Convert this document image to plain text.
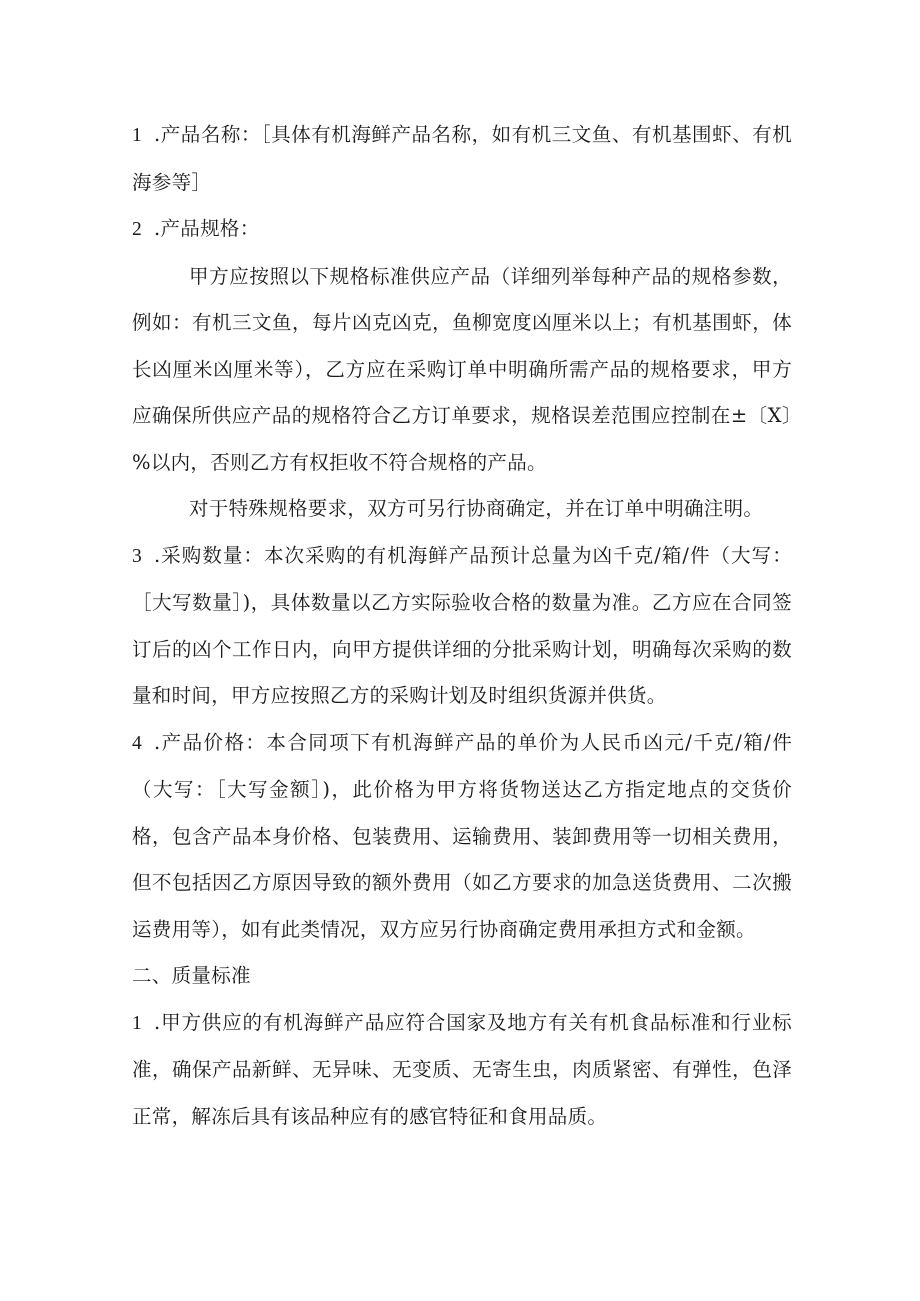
1 .产品名称：［具体有机海鲜产品名称，如有机三文鱼、有机基围虾、有机海参等］

2 .产品规格：

甲方应按照以下规格标准供应产品（详细列举每种产品的规格参数，例如：有机三文鱼，每片凶克凶克，鱼柳宽度凶厘米以上；有机基围虾，体长凶厘米凶厘米等），乙方应在采购订单中明确所需产品的规格要求，甲方应确保所供应产品的规格符合乙方订单要求，规格误差范围应控制在±〔X〕%以内，否则乙方有权拒收不符合规格的产品。

对于特殊规格要求，双方可另行协商确定，并在订单中明确注明。

3 .采购数量：本次采购的有机海鲜产品预计总量为凶千克/箱/件（大写：［大写数量］)，具体数量以乙方实际验收合格的数量为准。乙方应在合同签订后的凶个工作日内，向甲方提供详细的分批采购计划，明确每次采购的数量和时间，甲方应按照乙方的采购计划及时组织货源并供货。

4 .产品价格：本合同项下有机海鲜产品的单价为人民币凶元/千克/箱/件（大写：［大写金额］)，此价格为甲方将货物送达乙方指定地点的交货价格，包含产品本身价格、包装费用、运输费用、装卸费用等一切相关费用，但不包括因乙方原因导致的额外费用（如乙方要求的加急送货费用、二次搬运费用等），如有此类情况，双方应另行协商确定费用承担方式和金额。

二、质量标准

1 .甲方供应的有机海鲜产品应符合国家及地方有关有机食品标准和行业标准，确保产品新鲜、无异味、无变质、无寄生虫，肉质紧密、有弹性，色泽正常，解冻后具有该品种应有的感官特征和食用品质。
